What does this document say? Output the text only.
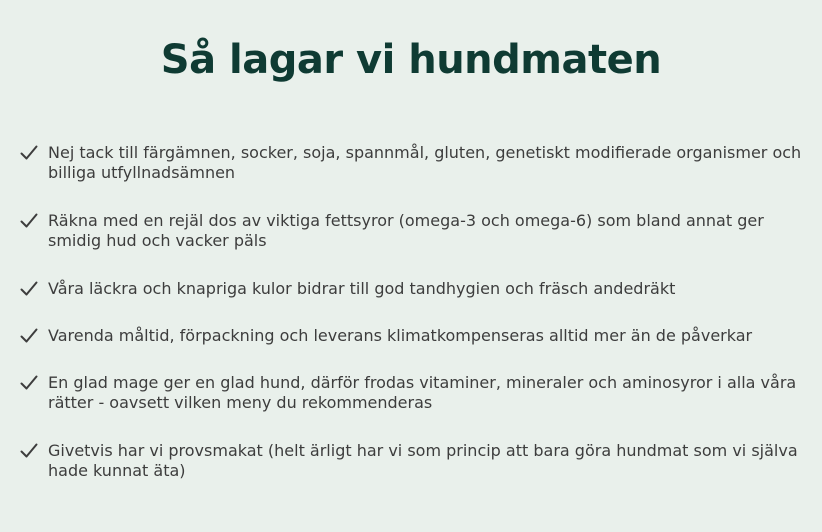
Så lagar vi hundmaten
Nej tack till färgämnen, socker, soja, spannmål, gluten, genetiskt modifierade organismer och billiga utfyllnadsämnen
Räkna med en rejäl dos av viktiga fettsyror (omega-3 och omega-6) som bland annat ger smidig hud och vacker päls
Våra läckra och knapriga kulor bidrar till god tandhygien och fräsch andedräkt
Varenda måltid, förpackning och leverans klimatkompenseras alltid mer än de påverkar
En glad mage ger en glad hund, därför frodas vitaminer, mineraler och aminosyror i alla våra rätter - oavsett vilken meny du rekommenderas
Givetvis har vi provsmakat (helt ärligt har vi som princip att bara göra hundmat som vi själva hade kunnat äta)
